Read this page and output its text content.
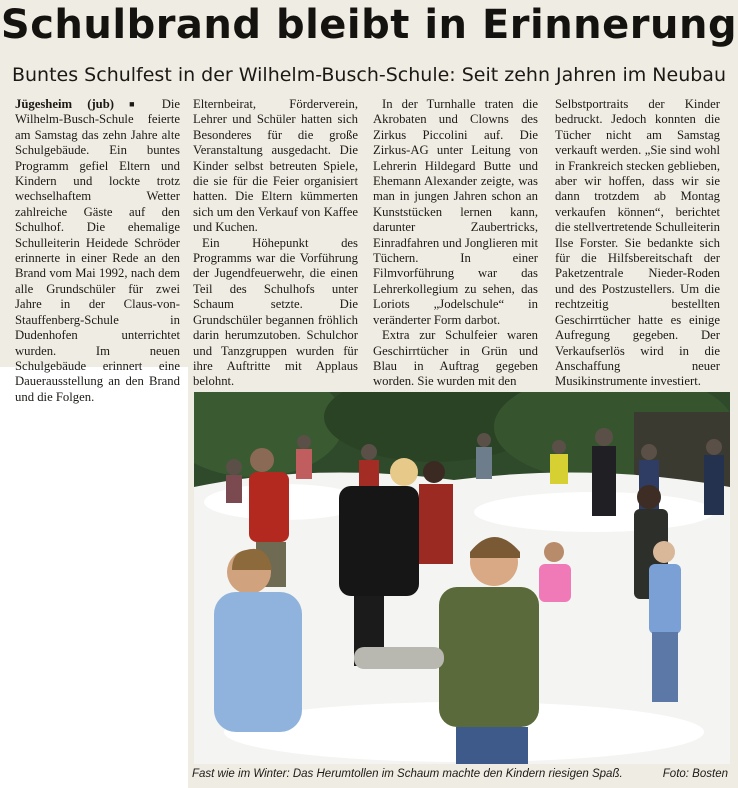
Schulbrand bleibt in Erinnerung
Buntes Schulfest in der Wilhelm-Busch-Schule: Seit zehn Jahren im Neubau

Jügesheim (jub) ■ Die Wilhelm-Busch-Schule feierte am Samstag das zehn Jahre alte Schulgebäude. Ein buntes Programm gefiel Eltern und Kindern und lockte trotz wechselhaftem Wetter zahlreiche Gäste auf den Schulhof. Die ehemalige Schulleiterin Heidede Schröder erinnerte in einer Rede an den Brand vom Mai 1992, nach dem alle Grundschüler für zwei Jahre in der Claus-von-Stauffenberg-Schule in Dudenhofen unterrichtet wurden. Im neuen Schulgebäude erinnert eine Dauerausstellung an den Brand und die Folgen.

Elternbeirat, Förderverein, Lehrer und Schüler hatten sich Besonderes für die große Veranstaltung ausgedacht. Die Kinder selbst betreuten Spiele, die sie für die Feier organisiert hatten. Die Eltern kümmerten sich um den Verkauf von Kaffee und Kuchen.

Ein Höhepunkt des Programms war die Vorführung der Jugendfeuerwehr, die einen Teil des Schulhofs unter Schaum setzte. Die Grundschüler begannen fröhlich darin herumzutoben. Schulchor und Tanzgruppen wurden für ihre Auftritte mit Applaus belohnt.

In der Turnhalle traten die Akrobaten und Clowns des Zirkus Piccolini auf. Die Zirkus-AG unter Leitung von Lehrerin Hildegard Butte und Ehemann Alexander zeigte, was man in jungen Jahren schon an Kunststücken lernen kann, darunter Zaubertricks, Einradfahren und Jonglieren mit Tüchern. In einer Filmvorführung war das Lehrerkollegium zu sehen, das Loriots „Jodelschule“ in veränderter Form darbot.

Extra zur Schulfeier waren Geschirrtücher in Grün und Blau in Auftrag gegeben worden. Sie wurden mit den

Selbstportraits der Kinder bedruckt. Jedoch konnten die Tücher nicht am Samstag verkauft werden. „Sie sind wohl in Frankreich stecken geblieben, aber wir hoffen, dass wir sie dann trotzdem ab Montag verkaufen können“, berichtet die stellvertretende Schulleiterin Ilse Forster. Sie bedankte sich für die Hilfsbereitschaft der Paketzentrale Nieder-Roden und des Postzustellers. Um die rechtzeitig bestellten Geschirrtücher hatte es einige Aufregung gegeben. Der Verkaufserlös wird in die Anschaffung neuer Musikinstrumente investiert.

Fast wie im Winter: Das Herumtollen im Schaum machte den Kindern riesigen Spaß.	Foto: Bosten
